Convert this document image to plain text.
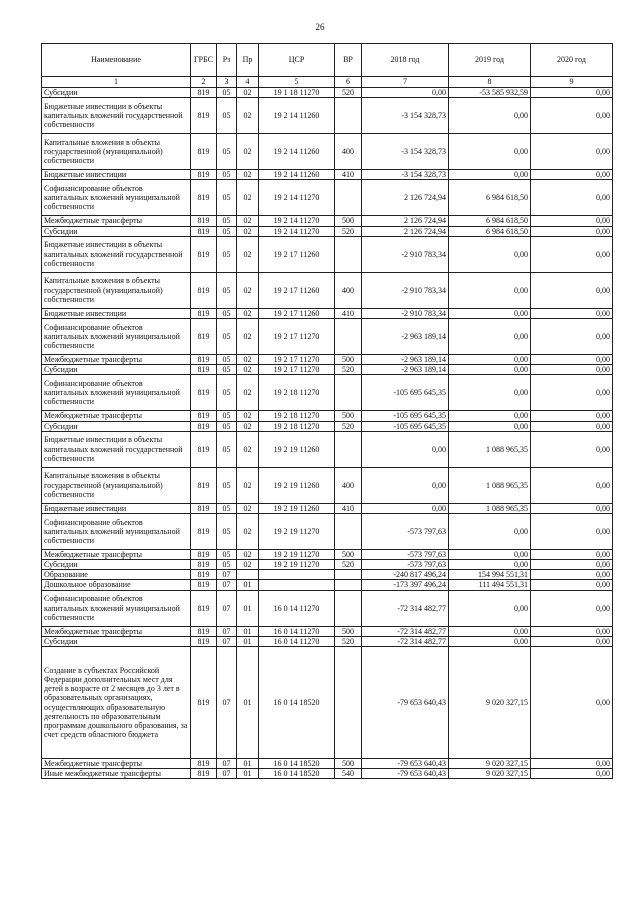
26
Наименование	ГРБС	Рз	Пр	ЦСР	ВР	2018 год	2019 год	2020 год
1	2	3	4	5	6	7	8	9
Субсидии	819	05	02	19 1 18 11270	520	0,00	-53 585 932,59	0,00
Бюджетные инвестиции в объекты капитальных вложений государственной собственности	819	05	02	19 2 14 11260		-3 154 328,73	0,00	0,00
Капитальные вложения в объекты государственной (муниципальной) собственности	819	05	02	19 2 14 11260	400	-3 154 328,73	0,00	0,00
Бюджетные инвестиции	819	05	02	19 2 14 11260	410	-3 154 328,73	0,00	0,00
Софинансирование объектов капитальных вложений муниципальной собственности	819	05	02	19 2 14 11270		2 126 724,94	6 984 618,50	0,00
Межбюджетные трансферты	819	05	02	19 2 14 11270	500	2 126 724,94	6 984 618,50	0,00
Субсидии	819	05	02	19 2 14 11270	520	2 126 724,94	6 984 618,50	0,00
Бюджетные инвестиции в объекты капитальных вложений государственной собственности	819	05	02	19 2 17 11260		-2 910 783,34	0,00	0,00
Капитальные вложения в объекты государственной (муниципальной) собственности	819	05	02	19 2 17 11260	400	-2 910 783,34	0,00	0,00
Бюджетные инвестиции	819	05	02	19 2 17 11260	410	-2 910 783,34	0,00	0,00
Софинансирование объектов капитальных вложений муниципальной собственности	819	05	02	19 2 17 11270		-2 963 189,14	0,00	0,00
Межбюджетные трансферты	819	05	02	19 2 17 11270	500	-2 963 189,14	0,00	0,00
Субсидии	819	05	02	19 2 17 11270	520	-2 963 189,14	0,00	0,00
Софинансирование объектов капитальных вложений муниципальной собственности	819	05	02	19 2 18 11270		-105 695 645,35	0,00	0,00
Межбюджетные трансферты	819	05	02	19 2 18 11270	500	-105 695 645,35	0,00	0,00
Субсидии	819	05	02	19 2 18 11270	520	-105 695 645,35	0,00	0,00
Бюджетные инвестиции в объекты капитальных вложений государственной собственности	819	05	02	19 2 19 11260		0,00	1 088 965,35	0,00
Капитальные вложения в объекты государственной (муниципальной) собственности	819	05	02	19 2 19 11260	400	0,00	1 088 965,35	0,00
Бюджетные инвестиции	819	05	02	19 2 19 11260	410	0,00	1 088 965,35	0,00
Софинансирование объектов капитальных вложений муниципальной собственности	819	05	02	19 2 19 11270		-573 797,63	0,00	0,00
Межбюджетные трансферты	819	05	02	19 2 19 11270	500	-573 797,63	0,00	0,00
Субсидии	819	05	02	19 2 19 11270	520	-573 797,63	0,00	0,00
Образование	819	07				-240 817 496,24	154 994 551,31	0,00
Дошкольное образование	819	07	01			-173 397 496,24	111 494 551,31	0,00
Софинансирование объектов капитальных вложений муниципальной собственности	819	07	01	16 0 14 11270		-72 314 482,77	0,00	0,00
Межбюджетные трансферты	819	07	01	16 0 14 11270	500	-72 314 482,77	0,00	0,00
Субсидии	819	07	01	16 0 14 11270	520	-72 314 482,77	0,00	0,00
Создание в субъектах Российской Федерации дополнительных мест для детей в возрасте от 2 месяцев до 3 лет в образовательных организациях, осуществляющих образовательную деятельность по образовательным программам дошкольного образования, за счет средств областного бюджета	819	07	01	16 0 14 18520		-79 653 640,43	9 020 327,15	0,00
Межбюджетные трансферты	819	07	01	16 0 14 18520	500	-79 653 640,43	9 020 327,15	0,00
Иные межбюджетные трансферты	819	07	01	16 0 14 18520	540	-79 653 640,43	9 020 327,15	0,00
